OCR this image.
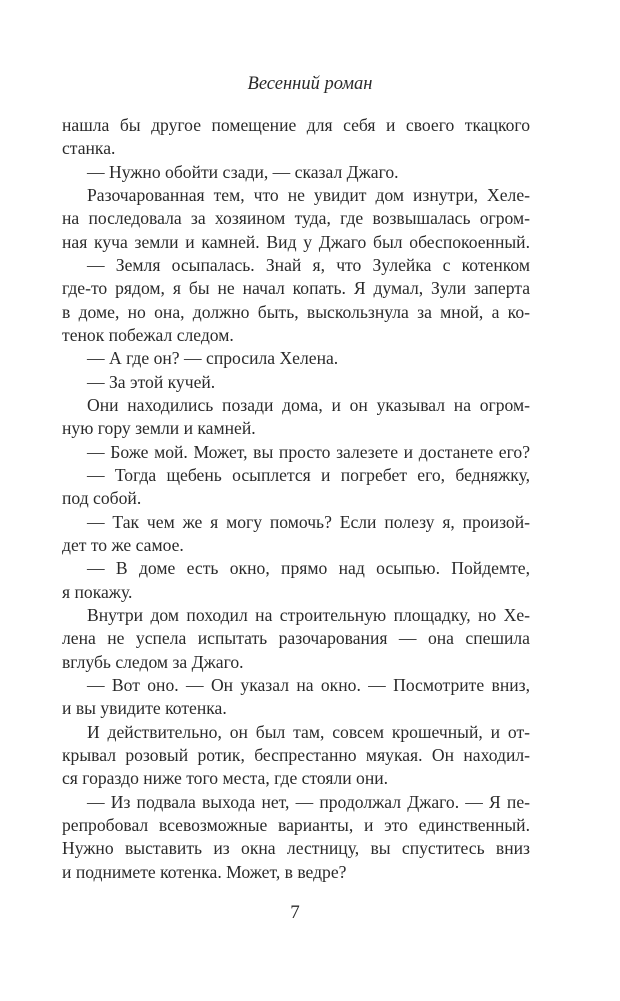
Весенний роман
нашла бы другое помещение для себя и своего ткацкого
станка.
— Нужно обойти сзади, — сказал Джаго.
Разочарованная тем, что не увидит дом изнутри, Хеле-
на последовала за хозяином туда, где возвышалась огром-
ная куча земли и камней. Вид у Джаго был обеспокоенный.
— Земля осыпалась. Знай я, что Зулейка с котенком
где-то рядом, я бы не начал копать. Я думал, Зули заперта
в доме, но она, должно быть, выскользнула за мной, а ко-
тенок побежал следом.
— А где он? — спросила Хелена.
— За этой кучей.
Они находились позади дома, и он указывал на огром-
ную гору земли и камней.
— Боже мой. Может, вы просто залезете и достанете его?
— Тогда щебень осыплется и погребет его, бедняжку,
под собой.
— Так чем же я могу помочь? Если полезу я, произой-
дет то же самое.
— В доме есть окно, прямо над осыпью. Пойдемте,
я покажу.
Внутри дом походил на строительную площадку, но Хе-
лена не успела испытать разочарования — она спешила
вглубь следом за Джаго.
— Вот оно. — Он указал на окно. — Посмотрите вниз,
и вы увидите котенка.
И действительно, он был там, совсем крошечный, и от-
крывал розовый ротик, беспрестанно мяукая. Он находил-
ся гораздо ниже того места, где стояли они.
— Из подвала выхода нет, — продолжал Джаго. — Я пе-
репробовал всевозможные варианты, и это единственный.
Нужно выставить из окна лестницу, вы спуститесь вниз
и поднимете котенка. Может, в ведре?
7
